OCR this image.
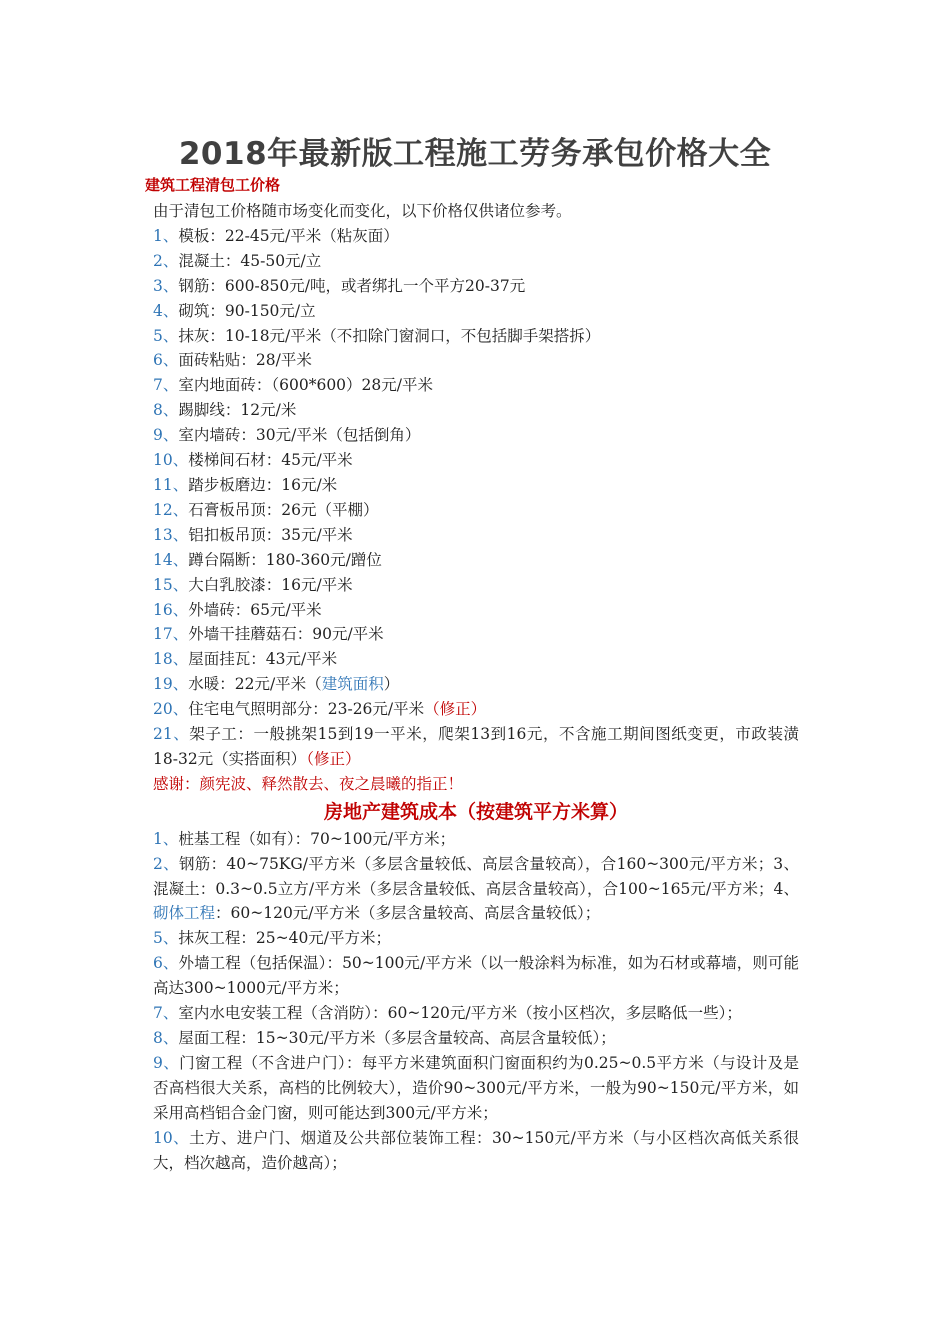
2018年最新版工程施工劳务承包价格大全
建筑工程清包工价格
由于清包工价格随市场变化而变化，以下价格仅供诸位参考。
1、模板：22-45元/平米（粘灰面）
2、混凝土：45-50元/立
3、钢筋：600-850元/吨，或者绑扎一个平方20-37元
4、砌筑：90-150元/立
5、抹灰：10-18元/平米（不扣除门窗洞口，不包括脚手架搭拆）
6、面砖粘贴：28/平米
7、室内地面砖：（600*600）28元/平米
8、踢脚线：12元/米
9、室内墙砖：30元/平米（包括倒角）
10、楼梯间石材：45元/平米
11、踏步板磨边：16元/米
12、石膏板吊顶：26元（平棚）
13、铝扣板吊顶：35元/平米
14、蹲台隔断：180-360元/蹭位
15、大白乳胶漆：16元/平米
16、外墙砖：65元/平米
17、外墙干挂蘑菇石：90元/平米
18、屋面挂瓦：43元/平米
19、水暖：22元/平米（建筑面积）
20、住宅电气照明部分：23-26元/平米（修正）
21、架子工：一般挑架15到19一平米，爬架13到16元，不含施工期间图纸变更，市政装潢18-32元（实搭面积）（修正）
感谢：颜宪波、释然散去、夜之晨曦的指正！
房地产建筑成本（按建筑平方米算）
1、桩基工程（如有）：70~100元/平方米；
2、钢筋：40~75KG/平方米（多层含量较低、高层含量较高），合160~300元/平方米；3、混凝土：0.3~0.5立方/平方米（多层含量较低、高层含量较高），合100~165元/平方米；4、砌体工程：60~120元/平方米（多层含量较高、高层含量较低）；
5、抹灰工程：25~40元/平方米；
6、外墙工程（包括保温）：50~100元/平方米（以一般涂料为标准，如为石材或幕墙，则可能高达300~1000元/平方米；
7、室内水电安装工程（含消防）：60~120元/平方米（按小区档次，多层略低一些）；
8、屋面工程：15~30元/平方米（多层含量较高、高层含量较低）；
9、门窗工程（不含进户门）：每平方米建筑面积门窗面积约为0.25~0.5平方米（与设计及是否高档很大关系，高档的比例较大），造价90~300元/平方米，一般为90~150元/平方米，如采用高档铝合金门窗，则可能达到300元/平方米；
10、土方、进户门、烟道及公共部位装饰工程：30~150元/平方米（与小区档次高低关系很大，档次越高，造价越高）；
